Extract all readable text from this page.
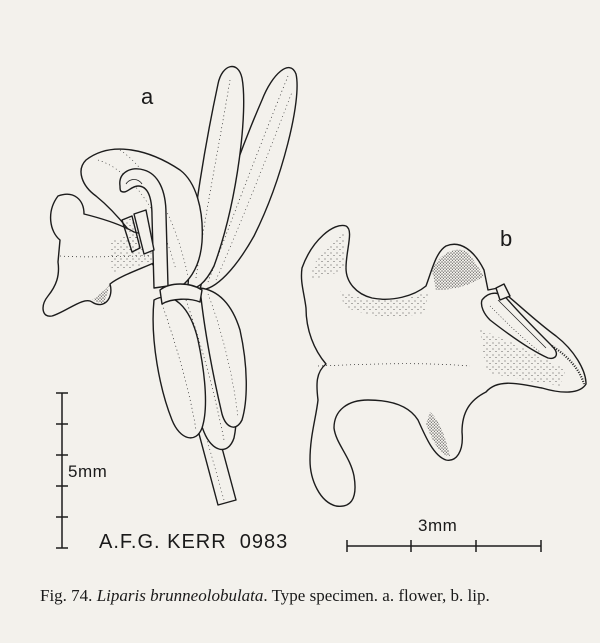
a
b
5mm
3mm
A.F.G. KERR  0983
Fig. 74. Liparis brunneolobulata. Type specimen. a. flower, b. lip.
